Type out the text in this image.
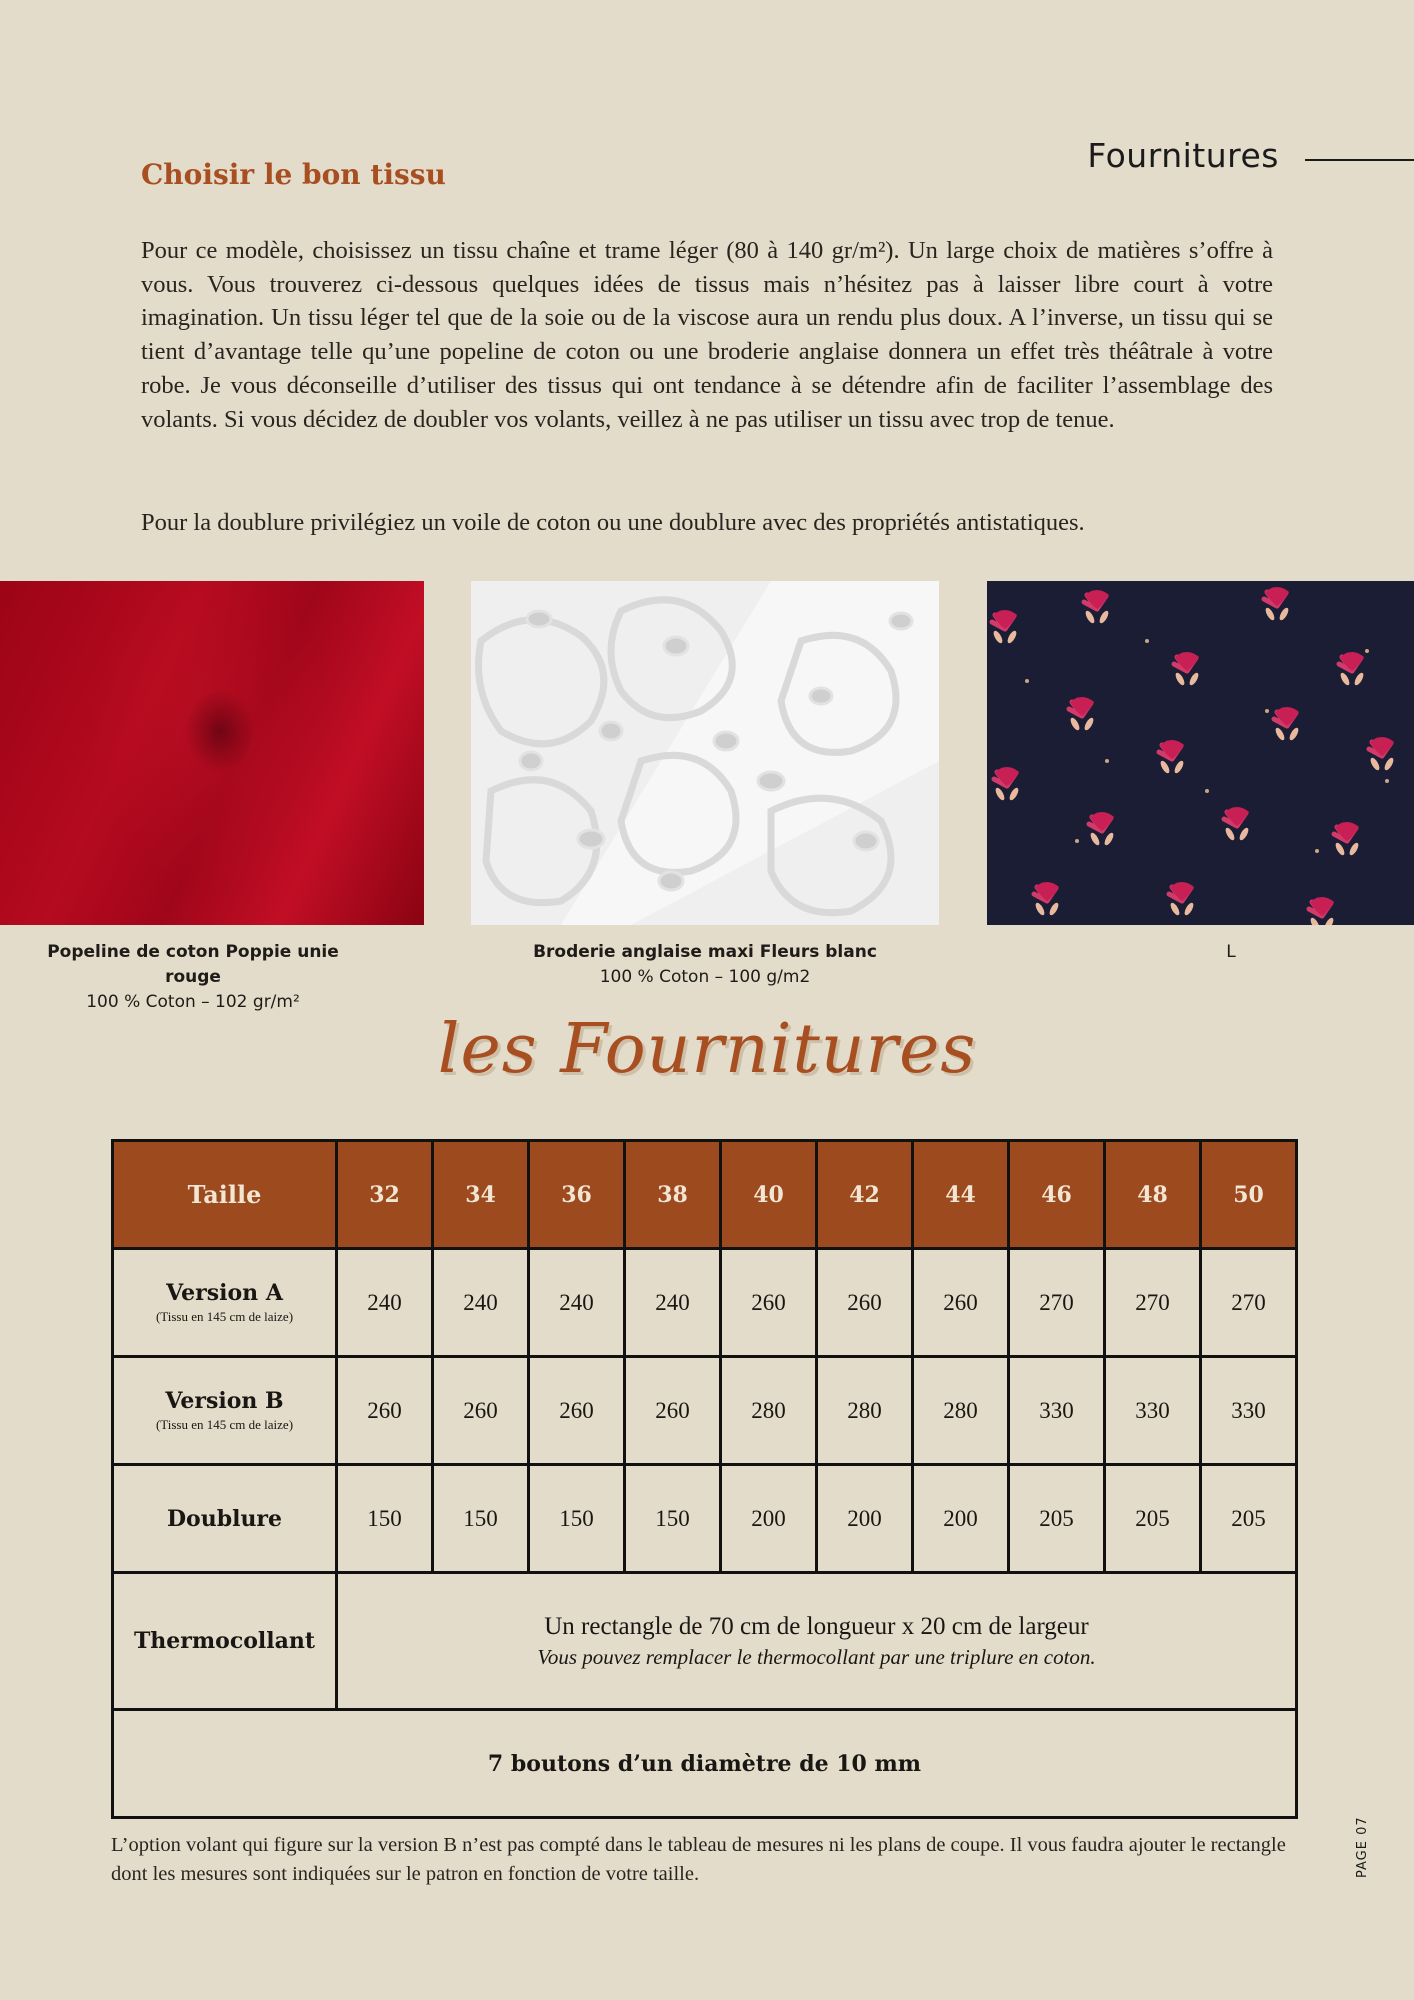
Fournitures
Choisir le bon tissu

Pour ce modèle, choisissez un tissu chaîne et trame léger (80 à 140 gr/m²). Un large choix de matières s’offre à vous. Vous trouverez ci-dessous quelques idées de tissus mais n’hésitez pas à laisser libre court à votre imagination. Un tissu léger tel que de la soie ou de la viscose aura un rendu plus doux. A l’inverse, un tissu qui se tient d’avantage telle qu’une popeline de coton ou une broderie anglaise donnera un effet très théâtrale à votre robe. Je vous déconseille d’utiliser des tissus qui ont tendance à se détendre afin de faciliter l’assemblage des volants. Si vous décidez de doubler vos volants, veillez à ne pas utiliser un tissu avec trop de tenue.

Pour la doublure privilégiez un voile de coton ou une doublure avec des propriétés antistatiques.

Popeline de coton Poppie unie rouge
100 % Coton – 102 gr/m²
Broderie anglaise maxi Fleurs blanc
100 % Coton – 100 g/m2
L
les Fournitures
Taille	32	34	36	38	40	42	44	46	48	50

Version A
(Tissu en 145 cm de laize)	240	240	240	240	260	260	260	270	270	270

Version B
(Tissu en 145 cm de laize)	260	260	260	260	280	280	280	330	330	330

Doublure	150	150	150	150	200	200	200	205	205	205

Thermocollant	Un rectangle de 70 cm de longueur x 20 cm de largeur
Vous pouvez remplacer le thermocollant par une triplure en coton.									

7 boutons d’un diamètre de 10 mm										

L’option volant qui figure sur la version B n’est pas compté dans le tableau de mesures ni les plans de coupe. Il vous faudra ajouter le rectangle dont les mesures sont indiquées sur le patron en fonction de votre taille.	PAGE 07
